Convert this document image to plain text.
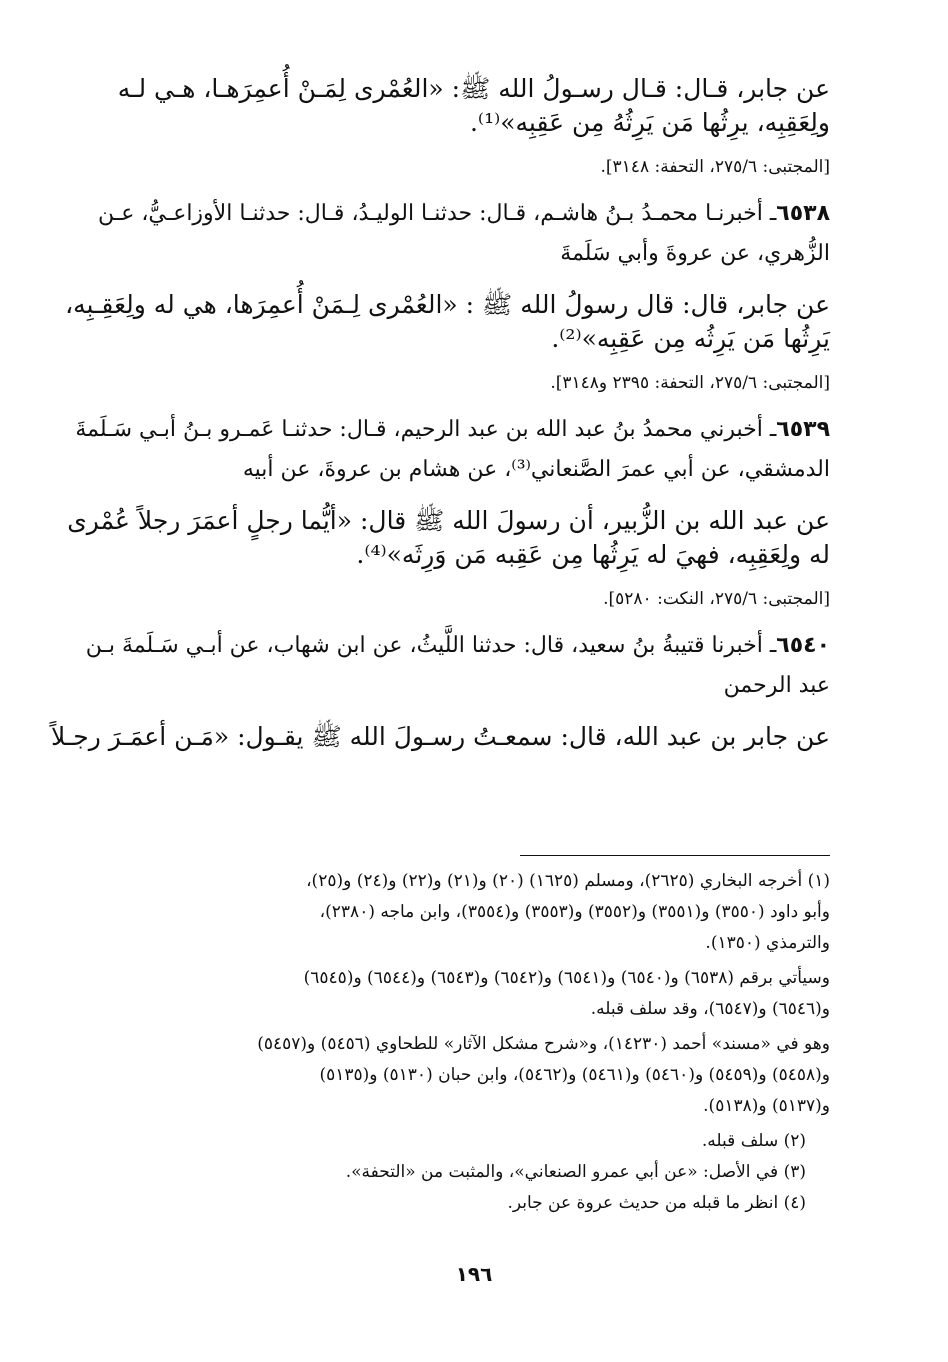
عن جابر، قـال: قـال رسـولُ الله ﷺ: «العُمْرى لِمَـنْ أُعمِرَهـا، هـي لـه
ولِعَقِبِه، يرِثُها مَن يَرِثُهُ مِن عَقِبِه»⁽¹⁾.

[المجتبى: ٢٧٥/٦، التحفة: ٣١٤٨].

٦٥٣٨ـ أخبرنـا محمـدُ بـنُ هاشـم، قـال: حدثنـا الوليـدُ، قـال: حدثنـا الأوزاعـيُّ، عـن
الزُّهري، عن عروةَ وأبي سَلَمةَ

عن جابر، قال: قال رسولُ الله ﷺ : «العُمْرى لِـمَنْ أُعمِرَها، هي له ولِعَقِـبِه،
يَرِثُها مَن يَرِثُه مِن عَقِبِه»⁽²⁾.

[المجتبى: ٢٧٥/٦، التحفة: ٢٣٩٥ و٣١٤٨].

٦٥٣٩ـ أخبرني محمدُ بنُ عبد الله بن عبد الرحيم، قـال: حدثنـا عَمـرو بـنُ أبـي سَـلَمةَ
الدمشقي، عن أبي عمرَ الصَّنعاني⁽³⁾، عن هشام بن عروةَ، عن أبيه

عن عبد الله بن الزُّبير، أن رسولَ الله ﷺ قال: «أيُّما رجلٍ أعمَرَ رجلاً عُمْرى
له ولِعَقِبِه، فهيَ له يَرِثُها مِن عَقِبه مَن وَرِثَه»⁽⁴⁾.

[المجتبى: ٢٧٥/٦، النكت: ٥٢٨٠].

٦٥٤٠ـ أخبرنا قتيبةُ بنُ سعيد، قال: حدثنا اللَّيثُ، عن ابن شهاب، عن أبـي سَـلَمةَ بـن
عبد الرحمن

عن جابر بن عبد الله، قال: سمعـتُ رسـولَ الله ﷺ يقـول: «مَـن أعمَـرَ رجـلاً

(١) أخرجه البخاري (٢٦٢٥)، ومسلم (١٦٢٥) (٢٠) و(٢١) و(٢٢) و(٢٤) و(٢٥)،
وأبو داود (٣٥٥٠) و(٣٥٥١) و(٣٥٥٢) و(٣٥٥٣) و(٣٥٥٤)، وابن ماجه (٢٣٨٠)،
والترمذي (١٣٥٠).
وسيأتي برقم (٦٥٣٨) و(٦٥٤٠) و(٦٥٤١) و(٦٥٤٢) و(٦٥٤٣) و(٦٥٤٤) و(٦٥٤٥)
و(٦٥٤٦) و(٦٥٤٧)، وقد سلف قبله.
وهو في «مسند» أحمد (١٤٢٣٠)، و«شرح مشكل الآثار» للطحاوي (٥٤٥٦) و(٥٤٥٧)
و(٥٤٥٨) و(٥٤٥٩) و(٥٤٦٠) و(٥٤٦١) و(٥٤٦٢)، وابن حبان (٥١٣٠) و(٥١٣٥)
و(٥١٣٧) و(٥١٣٨).
(٢) سلف قبله.
(٣) في الأصل: «عن أبي عمرو الصنعاني»، والمثبت من «التحفة».
(٤) انظر ما قبله من حديث عروة عن جابر.
١٩٦
